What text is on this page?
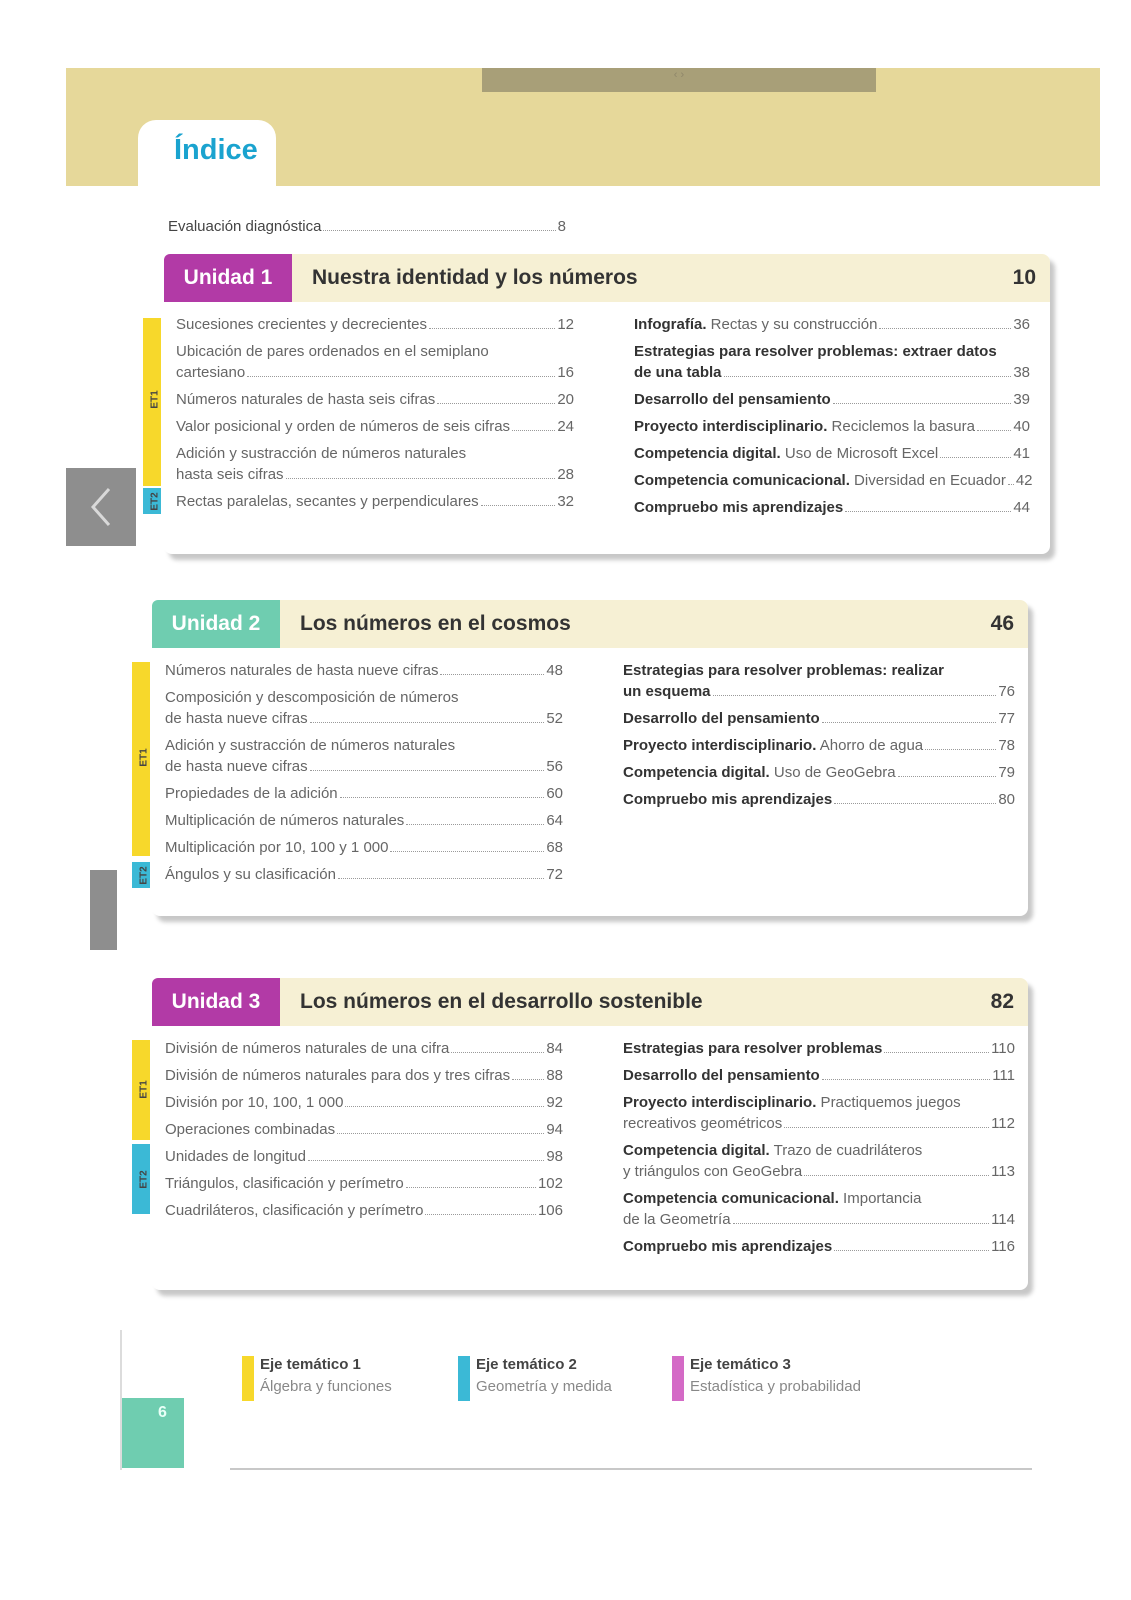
‹ ›
Índice
Evaluación diagnóstica	8
Unidad 1	Nuestra identidad y los números	10
ET1
ET2
Sucesiones crecientes y decrecientes	12
Ubicación de pares ordenados en el semiplano
cartesiano	16
Números naturales de hasta seis cifras	20
Valor posicional y orden de números de seis cifras	24
Adición y sustracción de números naturales
hasta seis cifras	28
Rectas paralelas, secantes y perpendiculares	32
Infografía. Rectas y su construcción	36
Estrategias para resolver problemas: extraer datos
de una tabla	38
Desarrollo del pensamiento	39
Proyecto interdisciplinario. Reciclemos la basura	40
Competencia digital. Uso de Microsoft Excel	41
Competencia comunicacional. Diversidad en Ecuador 42
Compruebo mis aprendizajes	44
Unidad 2	Los números en el cosmos	46
ET1
ET2
Números naturales de hasta nueve cifras	48
Composición y descomposición de números
de hasta nueve cifras	52
Adición y sustracción de números naturales
de hasta nueve cifras	56
Propiedades de la adición	60
Multiplicación de números naturales	64
Multiplicación por 10, 100 y 1 000	68
Ángulos y su clasificación	72
Estrategias para resolver problemas: realizar
un esquema	76
Desarrollo del pensamiento	77
Proyecto interdisciplinario. Ahorro de agua	78
Competencia digital. Uso de GeoGebra	79
Compruebo mis aprendizajes	80
Unidad 3	Los números en el desarrollo sostenible	82
ET1
ET2
División de números naturales de una cifra	84
División de números naturales para dos y tres cifras 88
División por 10, 100, 1 000	92
Operaciones combinadas	94
Unidades de longitud	98
Triángulos, clasificación y perímetro	102
Cuadriláteros, clasificación y perímetro	106
Estrategias para resolver problemas	110
Desarrollo del pensamiento	111
Proyecto interdisciplinario. Practiquemos juegos
recreativos geométricos	112
Competencia digital. Trazo de cuadriláteros
y triángulos con GeoGebra	113
Competencia comunicacional. Importancia
de la Geometría	114
Compruebo mis aprendizajes	116
6
Eje temático 1
Álgebra y funciones
Eje temático 2
Geometría y medida
Eje temático 3
Estadística y probabilidad
